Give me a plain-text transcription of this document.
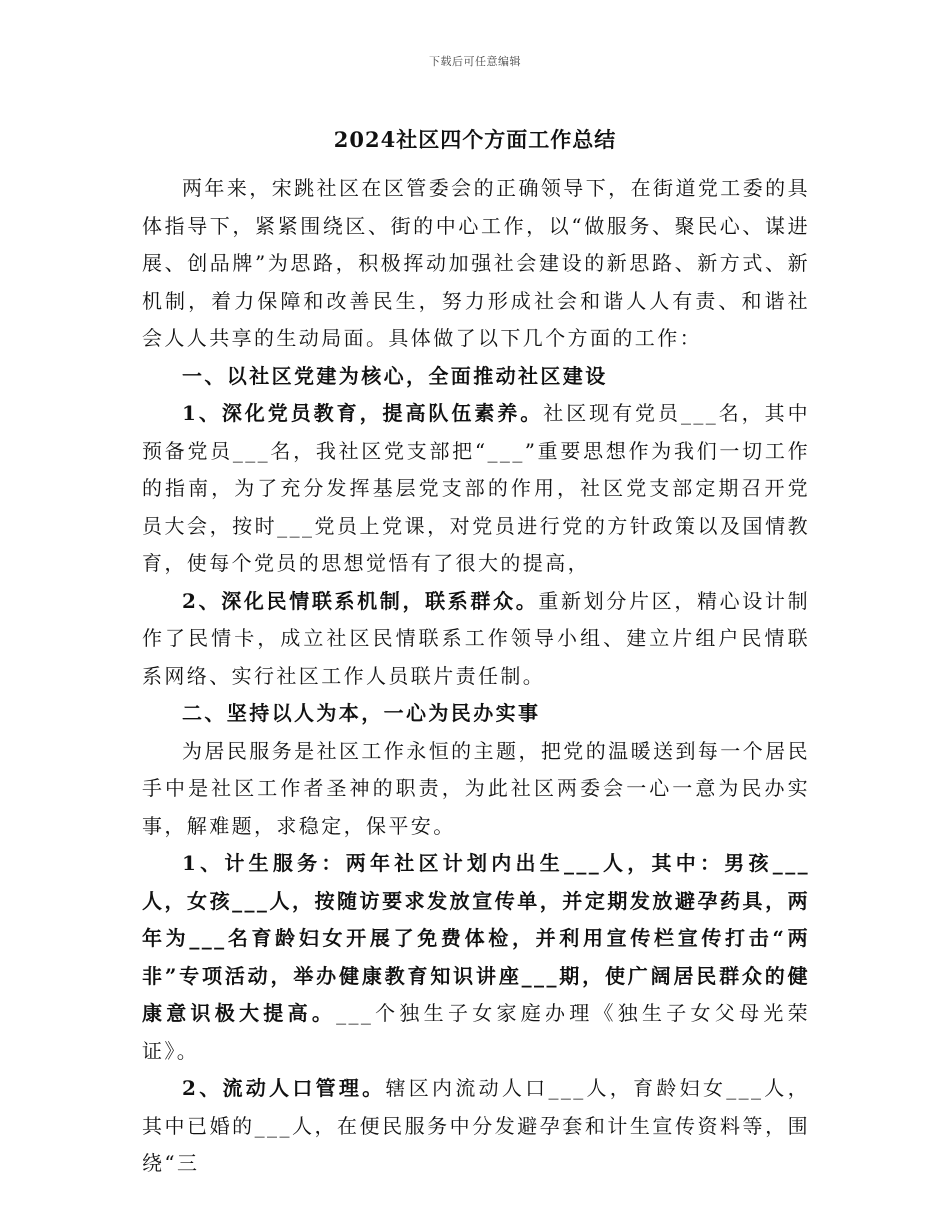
下载后可任意编辑
2024社区四个方面工作总结

两年来，宋跳社区在区管委会的正确领导下，在街道党工委的具体指导下，紧紧围绕区、街的中心工作，以“做服务、聚民心、谋进展、创品牌”为思路，积极挥动加强社会建设的新思路、新方式、新机制，着力保障和改善民生，努力形成社会和谐人人有责、和谐社会人人共享的生动局面。具体做了以下几个方面的工作：

一、以社区党建为核心，全面推动社区建设

1、深化党员教育，提高队伍素养。社区现有党员___名，其中预备党员___名，我社区党支部把“___”重要思想作为我们一切工作的指南，为了充分发挥基层党支部的作用，社区党支部定期召开党员大会，按时___党员上党课，对党员进行党的方针政策以及国情教育，使每个党员的思想觉悟有了很大的提高，

2、深化民情联系机制，联系群众。重新划分片区，精心设计制作了民情卡，成立社区民情联系工作领导小组、建立片组户民情联系网络、实行社区工作人员联片责任制。

二、坚持以人为本，一心为民办实事

为居民服务是社区工作永恒的主题，把党的温暖送到每一个居民手中是社区工作者圣神的职责，为此社区两委会一心一意为民办实事，解难题，求稳定，保平安。

1、计生服务：两年社区计划内出生___人，其中：男孩___人，女孩___人，按随访要求发放宣传单，并定期发放避孕药具，两年为___名育龄妇女开展了免费体检，并利用宣传栏宣传打击“两非”专项活动，举办健康教育知识讲座___期，使广阔居民群众的健康意识极大提高。___个独生子女家庭办理《独生子女父母光荣证》。

2、流动人口管理。辖区内流动人口___人，育龄妇女___人，其中已婚的___人，在便民服务中分发避孕套和计生宣传资料等，围绕“三
